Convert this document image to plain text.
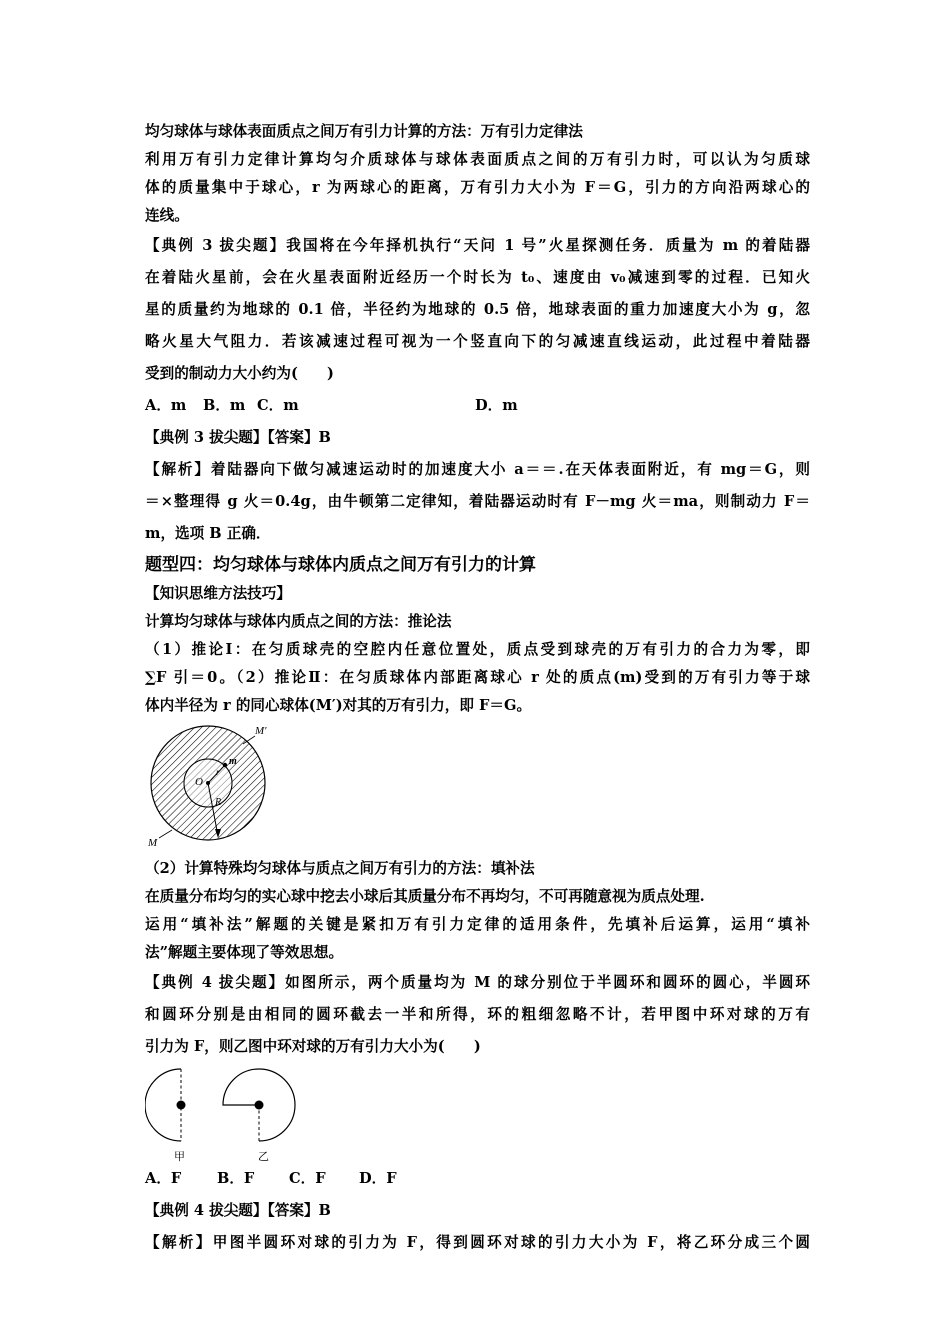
均匀球体与球体表面质点之间万有引力计算的方法：万有引力定律法
利用万有引力定律计算均匀介质球体与球体表面质点之间的万有引力时，可以认为匀质球
体的质量集中于球心，r 为两球心的距离，万有引力大小为 F＝G，引力的方向沿两球心的
连线。
【典例 3 拔尖题】我国将在今年择机执行“天问 1 号”火星探测任务．质量为 m 的着陆器
在着陆火星前，会在火星表面附近经历一个时长为 t₀、速度由 v₀减速到零的过程．已知火
星的质量约为地球的 0.1 倍，半径约为地球的 0.5 倍，地球表面的重力加速度大小为 g，忽
略火星大气阻力．若该减速过程可视为一个竖直向下的匀减速直线运动，此过程中着陆器
受到的制动力大小约为(　　)
A．m B．m C．m	D．m
【典例 3 拔尖题】【答案】B
【解析】着陆器向下做匀减速运动时的加速度大小 a＝＝.在天体表面附近，有 mg＝G，则
＝×整理得 g 火＝0.4g，由牛顿第二定律知，着陆器运动时有 F－mg 火＝ma，则制动力 F＝
m，选项 B 正确．
题型四：均匀球体与球体内质点之间万有引力的计算
【知识思维方法技巧】
计算均匀球体与球体内质点之间的方法：推论法
（1）推论Ⅰ：在匀质球壳的空腔内任意位置处，质点受到球壳的万有引力的合力为零，即
∑F 引＝0。（2）推论Ⅱ：在匀质球体内部距离球心 r 处的质点(m)受到的万有引力等于球
体内半径为 r 的同心球体(M′)对其的万有引力，即 F＝G。
M′
M
O
m
r
R
（2）计算特殊均匀球体与质点之间万有引力的方法：填补法
在质量分布均匀的实心球中挖去小球后其质量分布不再均匀，不可再随意视为质点处理.
运用“填补法”解题的关键是紧扣万有引力定律的适用条件，先填补后运算，运用“填补
法”解题主要体现了等效思想。
【典例 4 拔尖题】如图所示，两个质量均为 M 的球分别位于半圆环和圆环的圆心，半圆环
和圆环分别是由相同的圆环截去一半和所得，环的粗细忽略不计，若甲图中环对球的万有
引力为 F，则乙图中环对球的万有引力大小为(　　)
甲	乙
A．F B．F C．F D．F
【典例 4 拔尖题】【答案】B
【解析】甲图半圆环对球的引力为 F，得到圆环对球的引力大小为 F，将乙环分成三个圆
